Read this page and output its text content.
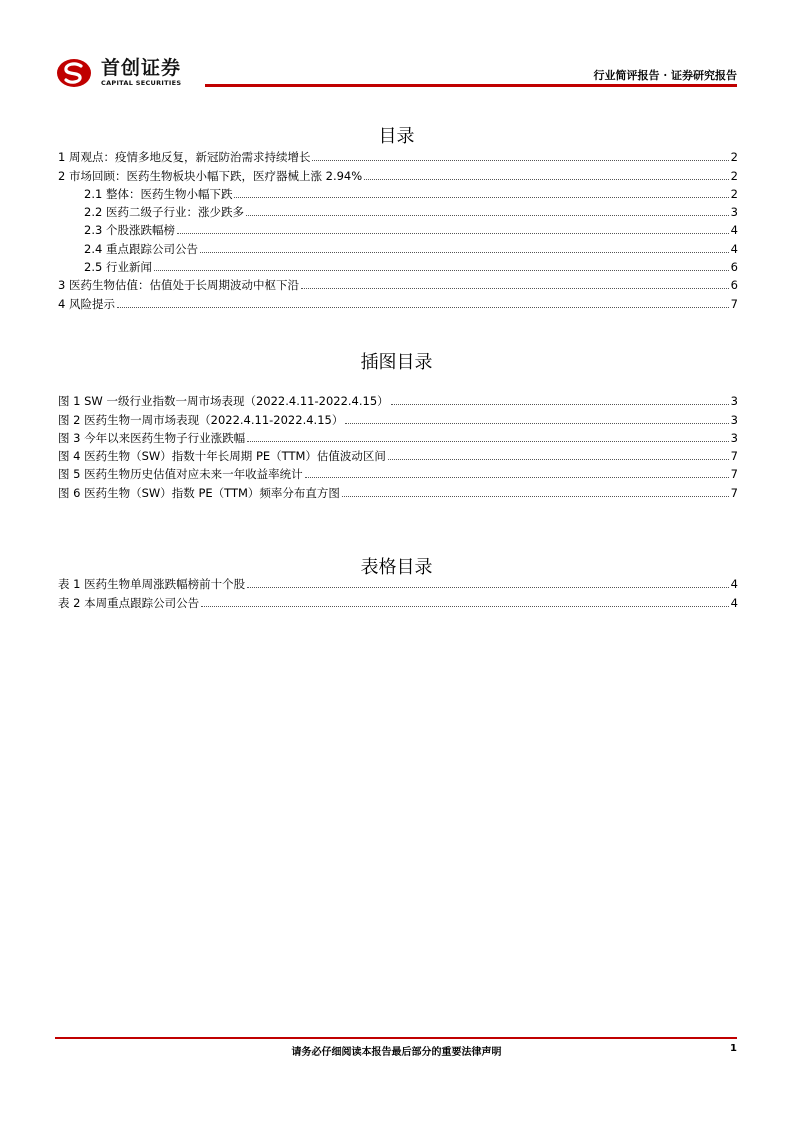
首创证券
CAPITAL SECURITIES
行业简评报告 · 证券研究报告
目录
1 周观点：疫情多地反复，新冠防治需求持续增长	2
2 市场回顾：医药生物板块小幅下跌，医疗器械上涨 2.94%	2
2.1 整体：医药生物小幅下跌	2
2.2 医药二级子行业：涨少跌多	3
2.3 个股涨跌幅榜	4
2.4 重点跟踪公司公告	4
2.5 行业新闻	6
3 医药生物估值：估值处于长周期波动中枢下沿	6
4 风险提示	7
插图目录
图 1 SW 一级行业指数一周市场表现（2022.4.11-2022.4.15）	3
图 2 医药生物一周市场表现（2022.4.11-2022.4.15）	3
图 3 今年以来医药生物子行业涨跌幅	3
图 4 医药生物（SW）指数十年长周期 PE（TTM）估值波动区间	7
图 5 医药生物历史估值对应未来一年收益率统计	7
图 6 医药生物（SW）指数 PE（TTM）频率分布直方图	7
表格目录
表 1 医药生物单周涨跌幅榜前十个股	4
表 2 本周重点跟踪公司公告	4
请务必仔细阅读本报告最后部分的重要法律声明	1
